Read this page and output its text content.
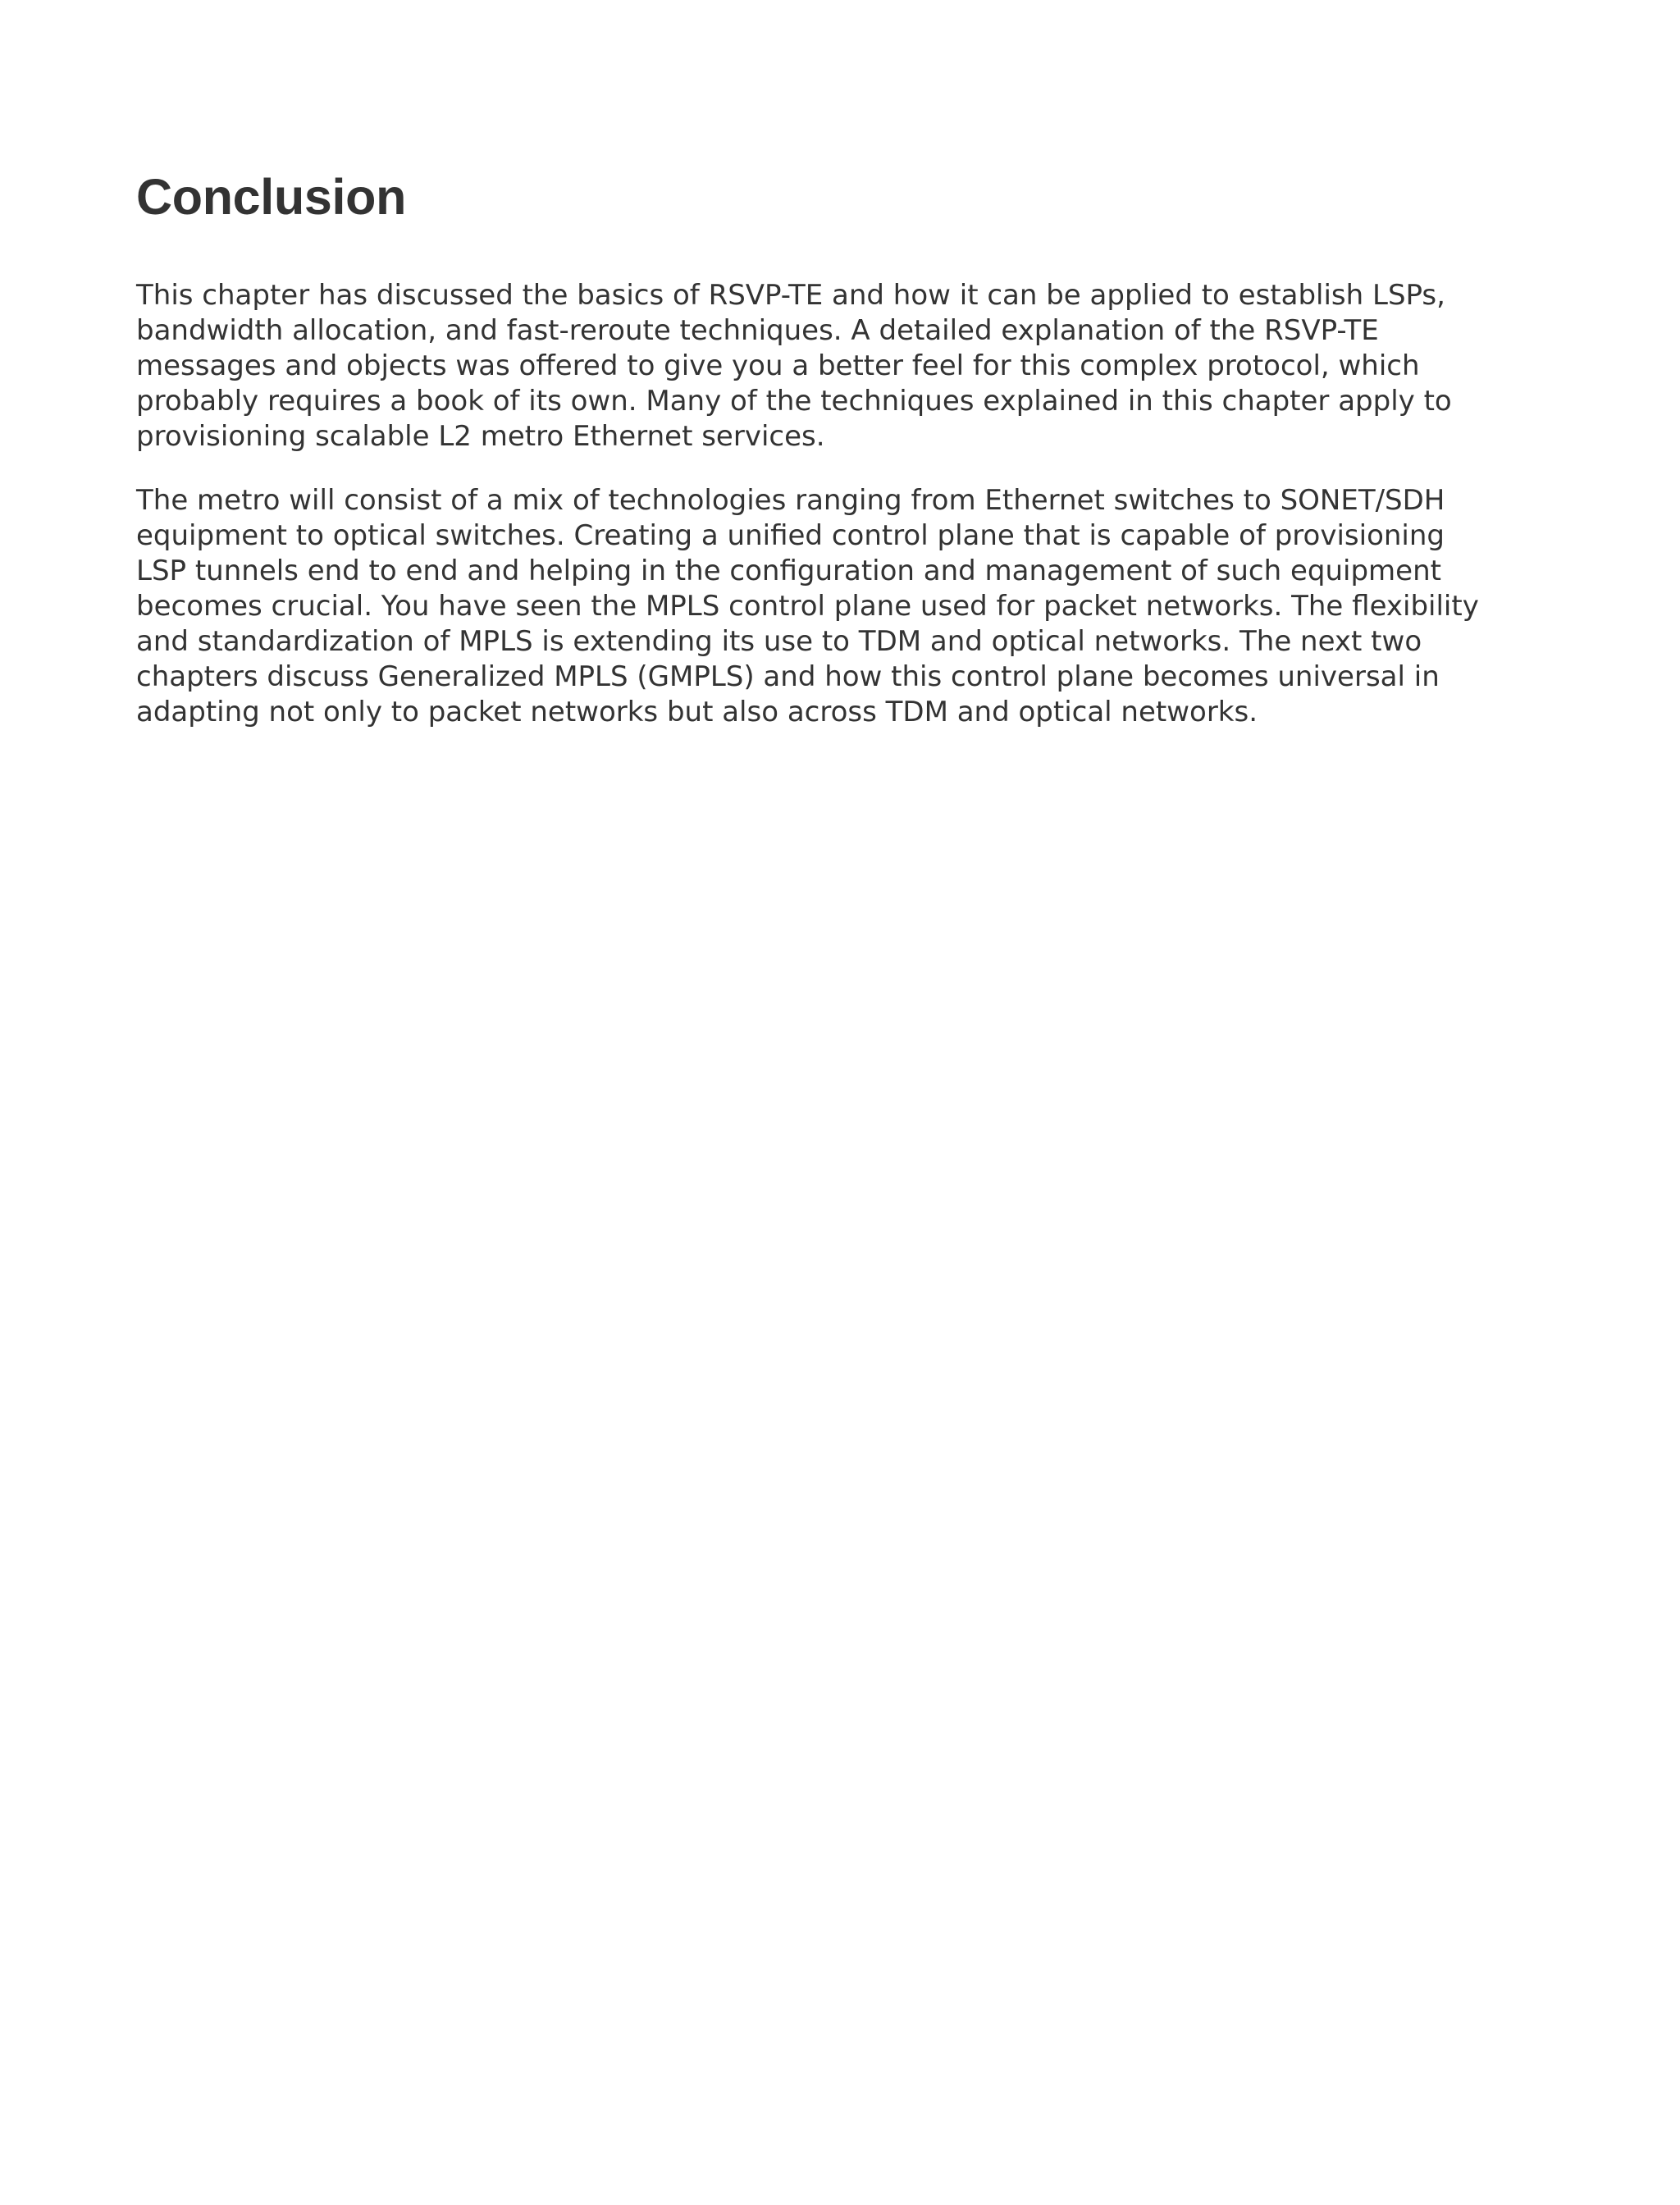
Conclusion

This chapter has discussed the basics of RSVP-TE and how it can be applied to establish LSPs,
bandwidth allocation, and fast-reroute techniques. A detailed explanation of the RSVP-TE
messages and objects was offered to give you a better feel for this complex protocol, which
probably requires a book of its own. Many of the techniques explained in this chapter apply to
provisioning scalable L2 metro Ethernet services.

The metro will consist of a mix of technologies ranging from Ethernet switches to SONET/SDH
equipment to optical switches. Creating a unified control plane that is capable of provisioning
LSP tunnels end to end and helping in the configuration and management of such equipment
becomes crucial. You have seen the MPLS control plane used for packet networks. The flexibility
and standardization of MPLS is extending its use to TDM and optical networks. The next two
chapters discuss Generalized MPLS (GMPLS) and how this control plane becomes universal in
adapting not only to packet networks but also across TDM and optical networks.
